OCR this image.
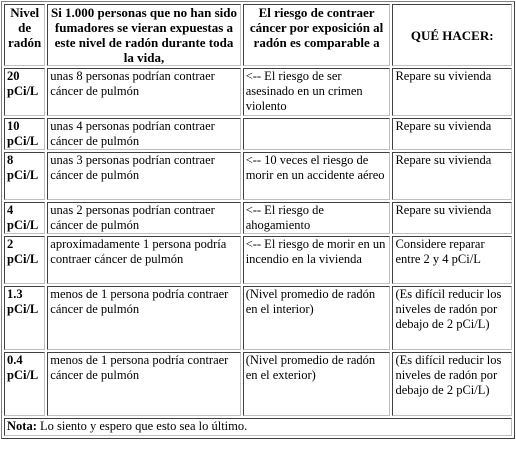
Nivel de radón	Si 1.000 personas que no han sido fumadores se vieran expuestas a este nivel de radón durante toda la vida,	El riesgo de contraer cáncer por exposición al radón es comparable a	QUÉ HACER:
20 pCi/L	unas 8 personas podrían contraer cáncer de pulmón	<-- El riesgo de ser asesinado en un crimen violento	Repare su vivienda
10 pCi/L	unas 4 personas podrían contraer cáncer de pulmón		Repare su vivienda
8 pCi/L	unas 3 personas podrían contraer cáncer de pulmón	<-- 10 veces el riesgo de morir en un accidente aéreo	Repare su vivienda
4 pCi/L	unas 2 personas podrían contraer cáncer de pulmón	<-- El riesgo de ahogamiento	Repare su vivienda
2 pCi/L	aproximadamente 1 persona podría contraer cáncer de pulmón	<-- El riesgo de morir en un incendio en la vivienda	Considere reparar entre 2 y 4 pCi/L
1.3 pCi/L	menos de 1 persona podría contraer cáncer de pulmón	(Nivel promedio de radón en el interior)	(Es difícil reducir los niveles de radón por debajo de 2 pCi/L)
0.4 pCi/L	menos de 1 persona podría contraer cáncer de pulmón	(Nivel promedio de radón en el exterior)	(Es difícil reducir los niveles de radón por debajo de 2 pCi/L)
Nota: Lo siento y espero que esto sea lo último.			
